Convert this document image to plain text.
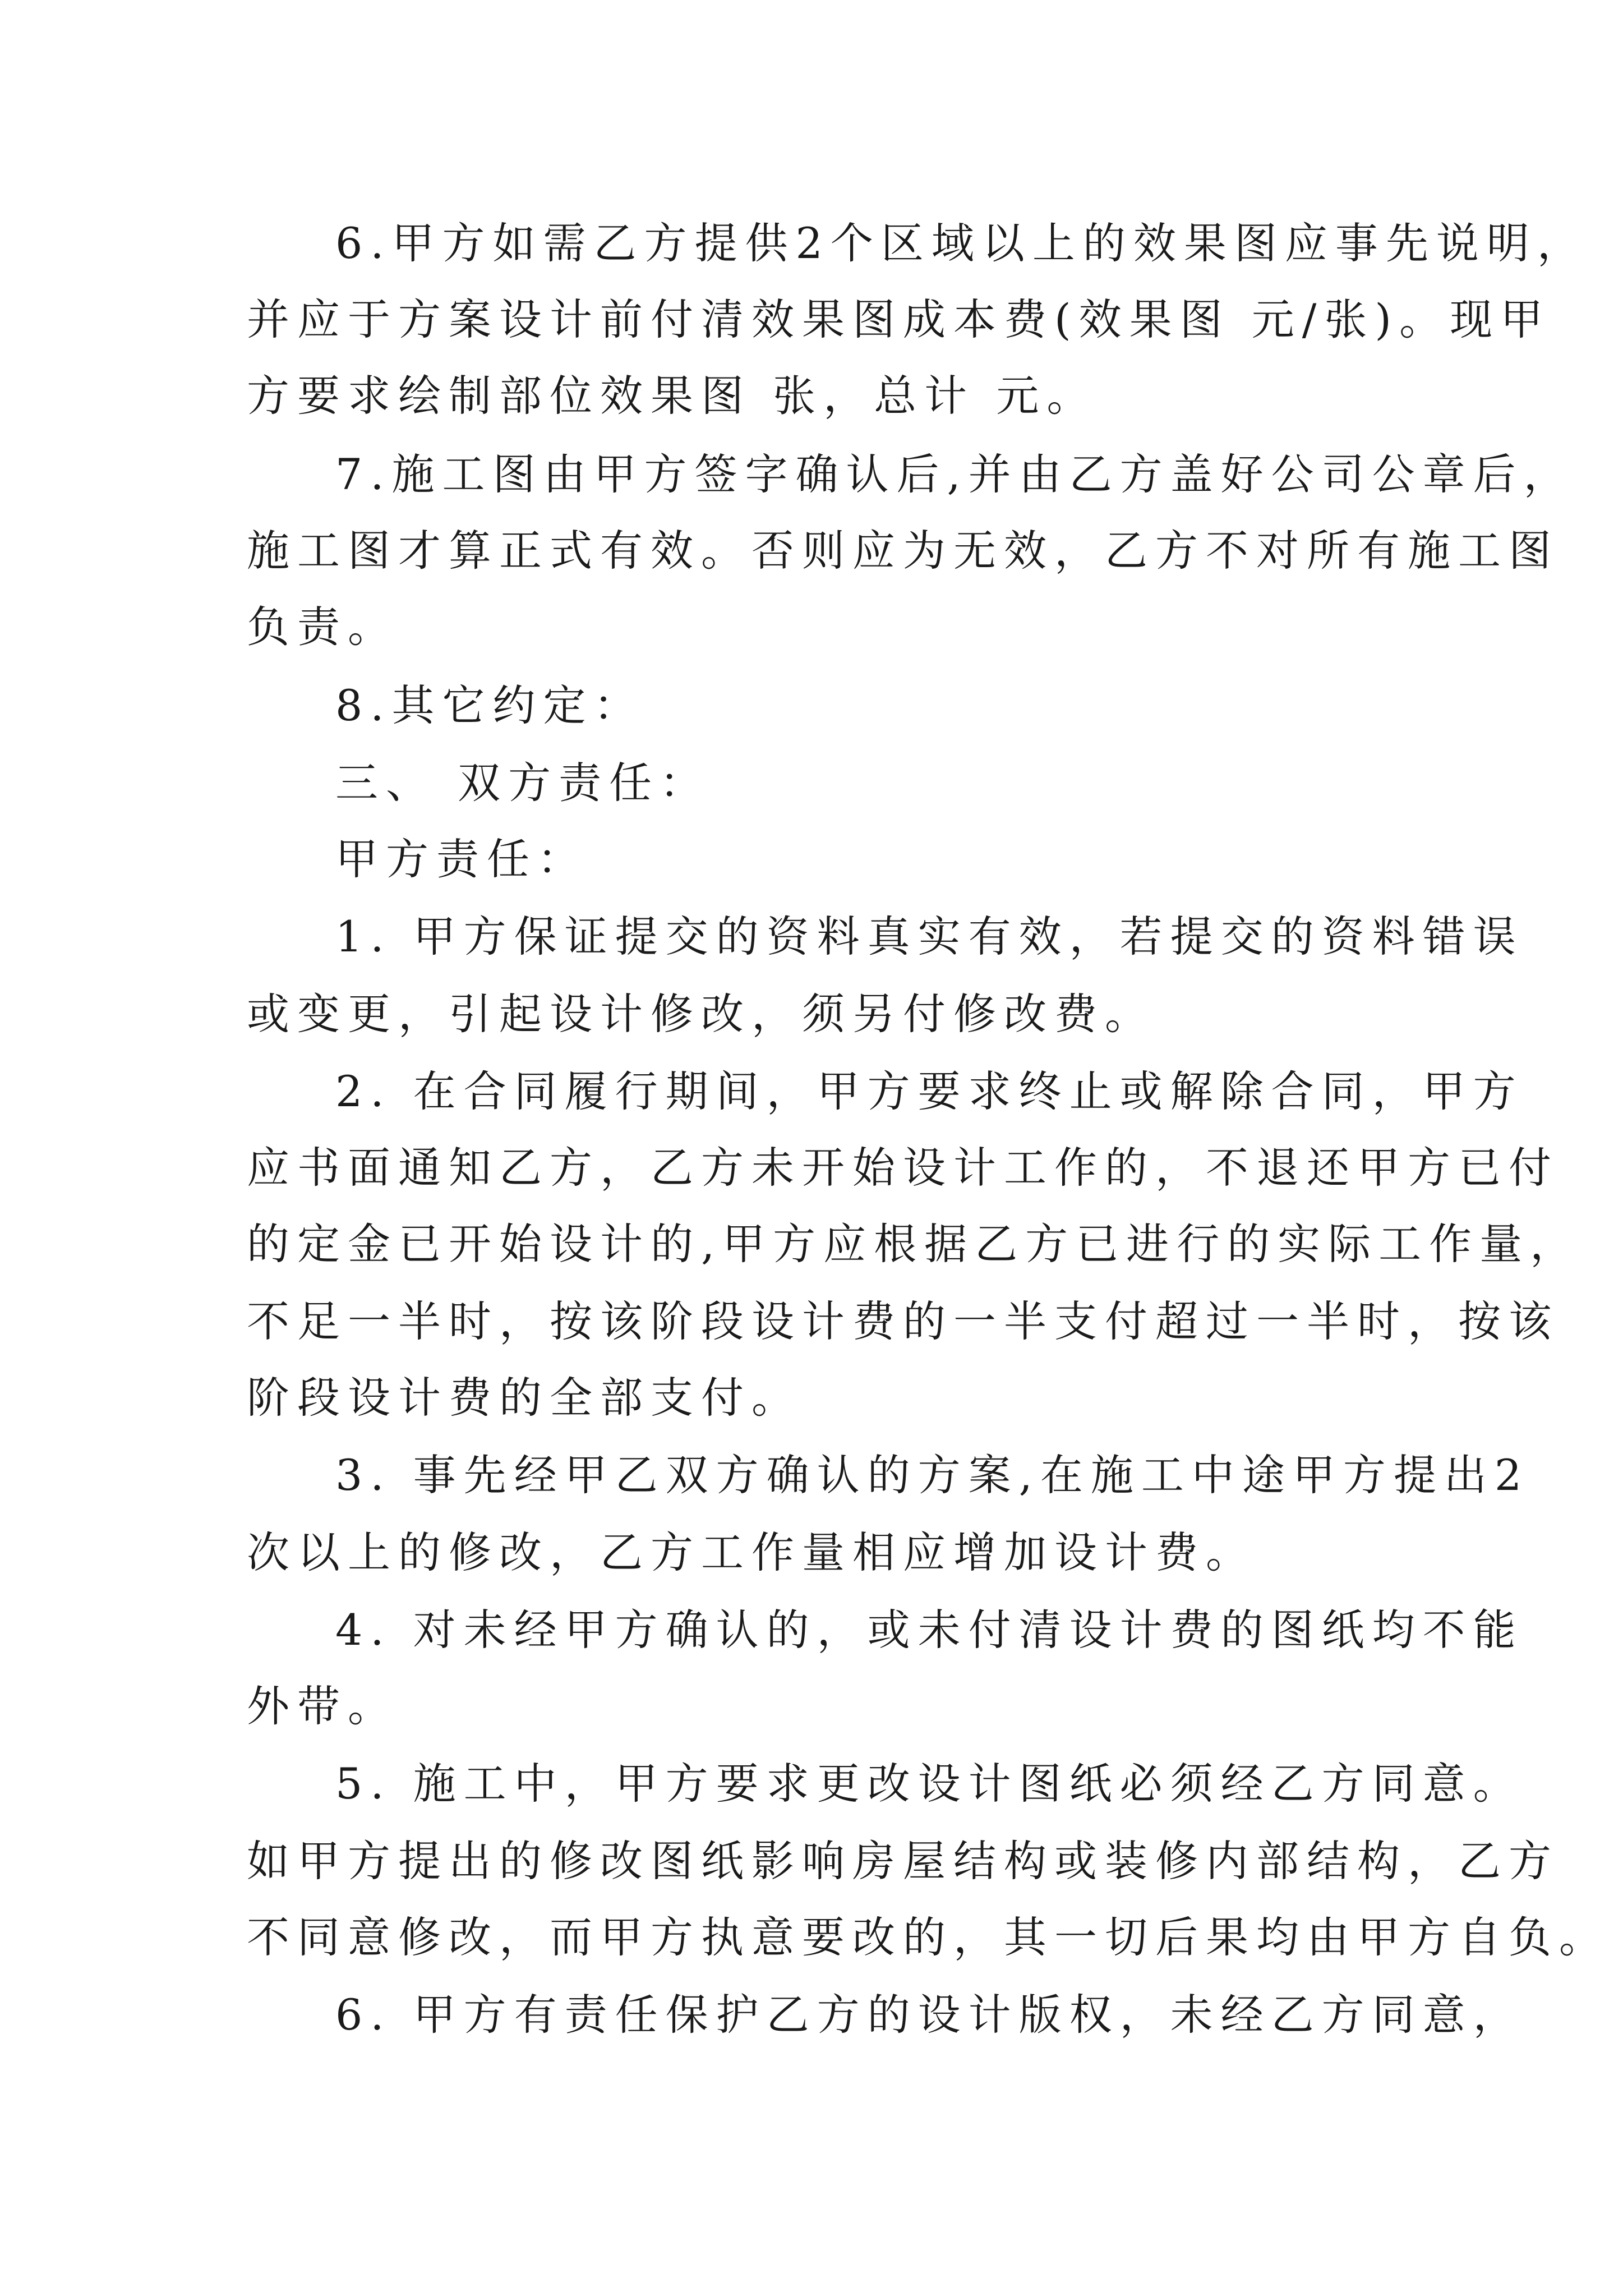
6.甲方如需乙方提供2个区域以上的效果图应事先说明，
并应于方案设计前付清效果图成本费(效果图 元/张)。现甲
方要求绘制部位效果图 张，总计 元。
7.施工图由甲方签字确认后,并由乙方盖好公司公章后，
施工图才算正式有效。否则应为无效，乙方不对所有施工图
负责。
8.其它约定：
三、 双方责任：
甲方责任：
1. 甲方保证提交的资料真实有效，若提交的资料错误
或变更，引起设计修改，须另付修改费。
2. 在合同履行期间，甲方要求终止或解除合同，甲方
应书面通知乙方，乙方未开始设计工作的，不退还甲方已付
的定金已开始设计的,甲方应根据乙方已进行的实际工作量，
不足一半时，按该阶段设计费的一半支付超过一半时，按该
阶段设计费的全部支付。
3. 事先经甲乙双方确认的方案,在施工中途甲方提出2
次以上的修改，乙方工作量相应增加设计费。
4. 对未经甲方确认的，或未付清设计费的图纸均不能
外带。
5. 施工中，甲方要求更改设计图纸必须经乙方同意。
如甲方提出的修改图纸影响房屋结构或装修内部结构，乙方
不同意修改，而甲方执意要改的，其一切后果均由甲方自负。
6. 甲方有责任保护乙方的设计版权，未经乙方同意，
